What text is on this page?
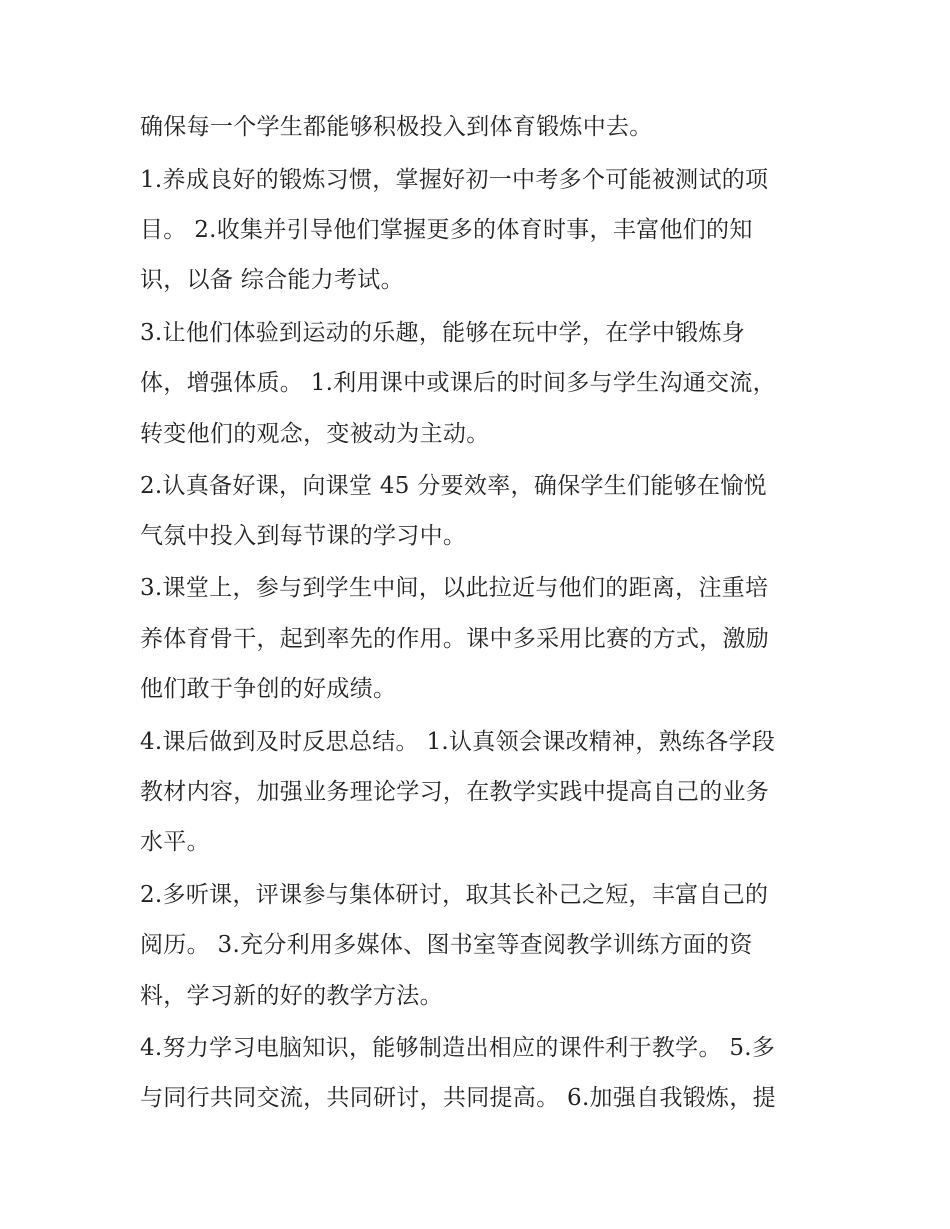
确保每一个学生都能够积极投入到体育锻炼中去。
1.养成良好的锻炼习惯，掌握好初一中考多个可能被测试的项
目。 2.收集并引导他们掌握更多的体育时事，丰富他们的知
识，以备 综合能力考试。
3.让他们体验到运动的乐趣，能够在玩中学，在学中锻炼身
体，增强体质。 1.利用课中或课后的时间多与学生沟通交流，
转变他们的观念，变被动为主动。
2.认真备好课，向课堂 45 分要效率，确保学生们能够在愉悦
气氛中投入到每节课的学习中。
3.课堂上，参与到学生中间，以此拉近与他们的距离，注重培
养体育骨干，起到率先的作用。课中多采用比赛的方式，激励
他们敢于争创的好成绩。
4.课后做到及时反思总结。 1.认真领会课改精神，熟练各学段
教材内容，加强业务理论学习，在教学实践中提高自己的业务
水平。
2.多听课，评课参与集体研讨，取其长补己之短，丰富自己的
阅历。 3.充分利用多媒体、图书室等查阅教学训练方面的资
料，学习新的好的教学方法。
4.努力学习电脑知识，能够制造出相应的课件利于教学。 5.多
与同行共同交流，共同研讨，共同提高。 6.加强自我锻炼，提
